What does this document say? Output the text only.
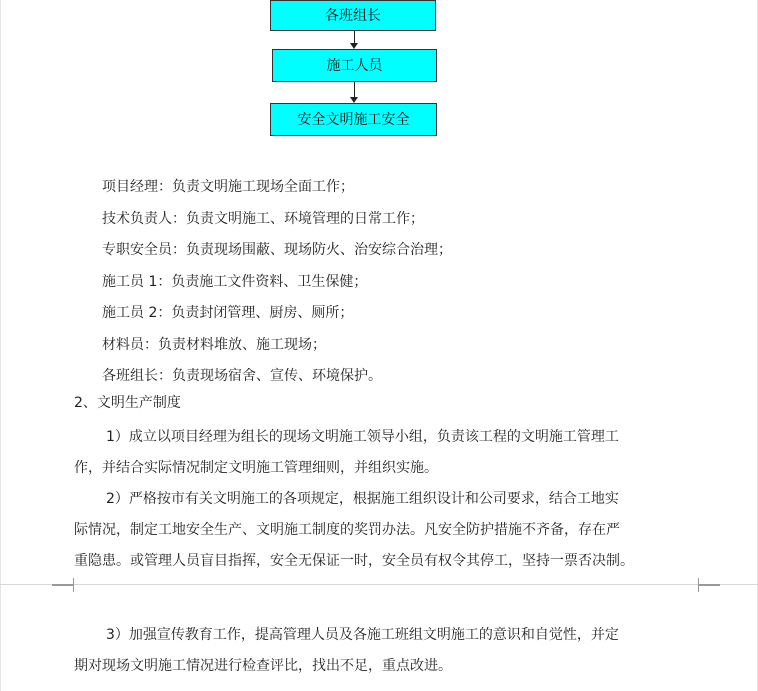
各班组长
施工人员
安全文明施工安全
项目经理：负责文明施工现场全面工作；
技术负责人：负责文明施工、环境管理的日常工作；
专职安全员：负责现场围蔽、现场防火、治安综合治理；
施工员 1：负责施工文件资料、卫生保健；
施工员 2：负责封闭管理、厨房、厕所；
材料员：负责材料堆放、施工现场；
各班组长：负责现场宿舍、宣传、环境保护。
2、文明生产制度
1）成立以项目经理为组长的现场文明施工领导小组，负责该工程的文明施工管理工
作，并结合实际情况制定文明施工管理细则，并组织实施。
2）严格按市有关文明施工的各项规定，根据施工组织设计和公司要求，结合工地实
际情况，制定工地安全生产、文明施工制度的奖罚办法。凡安全防护措施不齐备，存在严
重隐患。或管理人员盲目指挥，安全无保证一时，安全员有权令其停工，坚持一票否决制。
3）加强宣传教育工作，提高管理人员及各施工班组文明施工的意识和自觉性，并定
期对现场文明施工情况进行检查评比，找出不足，重点改进。
